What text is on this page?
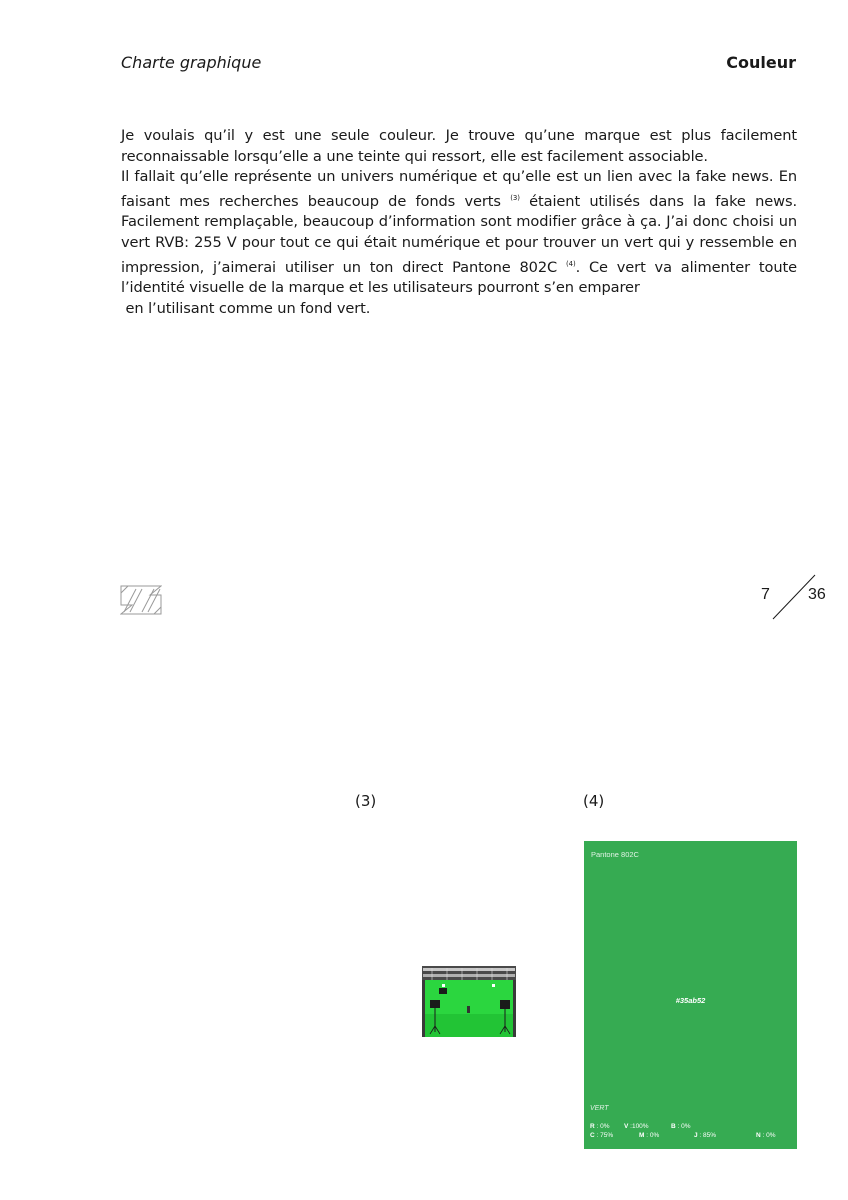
Charte graphique	Couleur

Je voulais qu’il y est une seule couleur. Je trouve qu’une marque est plus facilement reconnaissable lorsqu’elle a une teinte qui ressort, elle est facilement associable.

Il fallait qu’elle représente un univers numérique et qu’elle est un lien avec la fake news. En faisant mes recherches beaucoup de fonds verts $^{(3)}$ étaient utilisés dans la fake news. Facilement remplaçable, beaucoup d’information sont modifier grâce à ça. J’ai donc choisi un vert RVB: 255 V pour tout ce qui était numérique et pour trouver un vert qui y ressemble en impression, j’aimerai utiliser un ton direct Pantone 802C $^{(4)}$. Ce vert va alimenter toute l’identité visuelle de la marque et les utilisateurs pourront s’en emparer

en l’utilisant comme un fond vert.

7 36
(3)	(4)
Pantone 802C
#35ab52
VERT
R : 0% V :100%	B : 0%
C : 75%	M : 0%	J : 85%	N : 0%
